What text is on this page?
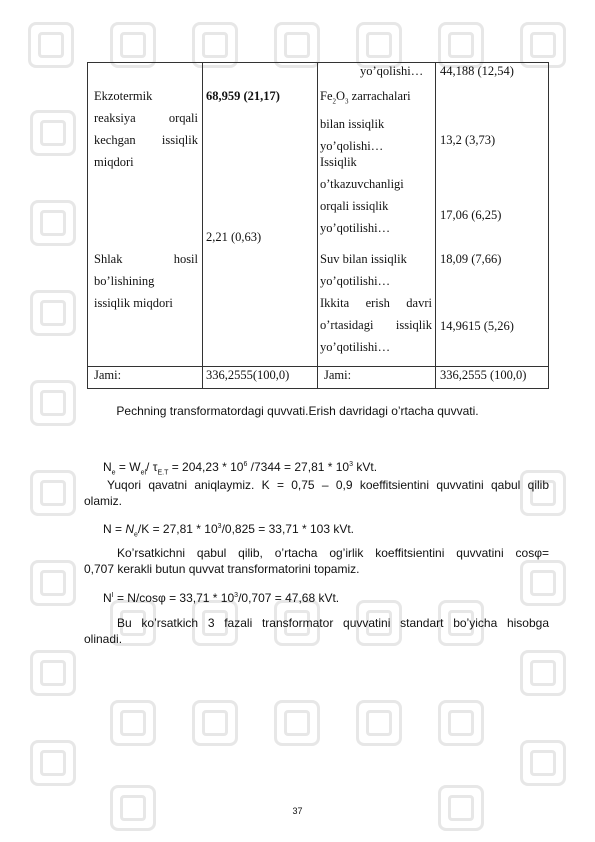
Ekzotermik
reaksiya	orqali
kechgan issiqlik
miqdori
Shlak	hosil
bo’lishining
issiqlik miqdori
Jami:
68,959 (21,17)
2,21 (0,63)
336,2555(100,0)
yo’qolishi…
$Fe_2O_3$ zarrachalari
bilan issiqlik
yo’qolishi…
Issiqlik
o’tkazuvchanligi
orqali issiqlik
yo’qotilishi…
Suv bilan issiqlik
yo’qotilishi…
Ikkita erish davri
o’rtasidagi issiqlik
yo’qotilishi…
Jami:
44,188 (12,54)
13,2 (3,73)
17,06 (6,25)
18,09 (7,66)
14,9615 (5,26)
336,2555 (100,0)
Pechning transformatordagi quvvati.Erish davridagi o’rtacha quvvati.
$N_e = W_{el}/$ $\tau_{E.T} = 204,23 * 10^6$ $/7344 = 27,81 * 10^3$ kVt.
Yuqori qavatni aniqlaymiz. K = 0,75 – 0,9 koeffitsientini quvvatini qabul qilib
olamiz.
$N = N_e/K = 27,81 * 10^3/0,825 = 33,71 * 103$ kVt.
Ko’rsatkichni qabul qilib, o’rtacha og’irlik koeffitsientini quvvatini cosφ=
0,707 kerakli butun quvvat transformatorini topamiz.
$N^I = N/\cos\varphi = 33,71 * 10^3/0,707 = 47,68$ kVt.
Bu ko’rsatkich 3 fazali transformator quvvatini standart bo’yicha hisobga
olinadi.
37
